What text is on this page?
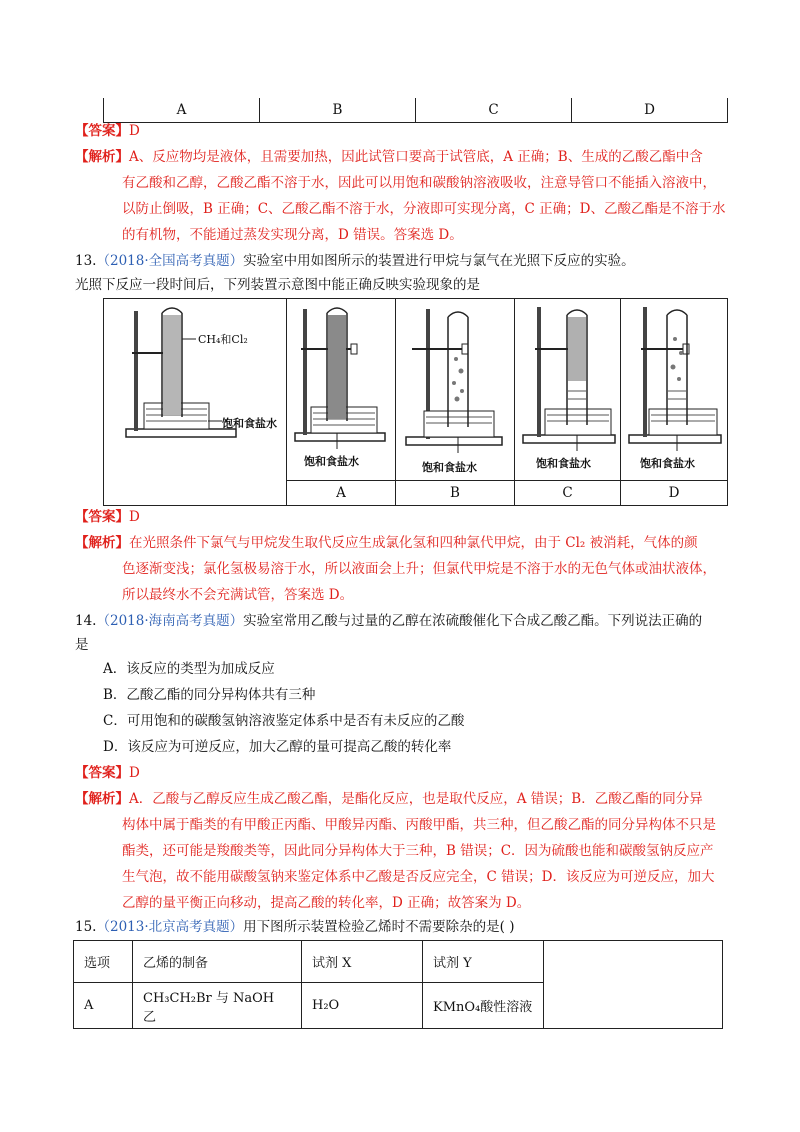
A	B	C	D
【答案】D
【解析】A、反应物均是液体，且需要加热，因此试管口要高于试管底，A 正确；B、生成的乙酸乙酯中含
有乙酸和乙醇，乙酸乙酯不溶于水，因此可以用饱和碳酸钠溶液吸收，注意导管口不能插入溶液中，
以防止倒吸，B 正确；C、乙酸乙酯不溶于水，分液即可实现分离，C 正确；D、乙酸乙酯是不溶于水
的有机物，不能通过蒸发实现分离，D 错误。答案选 D。
13.（2018·全国高考真题）实验室中用如图所示的装置进行甲烷与氯气在光照下反应的实验。
光照下反应一段时间后，下列装置示意图中能正确反映实验现象的是
CH₄和Cl₂
饱和食盐水
饱和食盐水	饱和食盐水	饱和食盐水	饱和食盐水
A	B	C	D
【答案】D
【解析】在光照条件下氯气与甲烷发生取代反应生成氯化氢和四种氯代甲烷，由于 Cl₂ 被消耗，气体的颜
色逐渐变浅；氯化氢极易溶于水，所以液面会上升；但氯代甲烷是不溶于水的无色气体或油状液体，
所以最终水不会充满试管，答案选 D。
14.（2018·海南高考真题）实验室常用乙酸与过量的乙醇在浓硫酸催化下合成乙酸乙酯。下列说法正确的
是
A．该反应的类型为加成反应
B．乙酸乙酯的同分异构体共有三种
C．可用饱和的碳酸氢钠溶液鉴定体系中是否有未反应的乙酸
D．该反应为可逆反应，加大乙醇的量可提高乙酸的转化率
【答案】D
【解析】A．乙酸与乙醇反应生成乙酸乙酯，是酯化反应，也是取代反应，A 错误；B．乙酸乙酯的同分异
构体中属于酯类的有甲酸正丙酯、甲酸异丙酯、丙酸甲酯，共三种，但乙酸乙酯的同分异构体不只是
酯类，还可能是羧酸类等，因此同分异构体大于三种，B 错误；C．因为硫酸也能和碳酸氢钠反应产
生气泡，故不能用碳酸氢钠来鉴定体系中乙酸是否反应完全，C 错误；D．该反应为可逆反应，加大
乙醇的量平衡正向移动，提高乙酸的转化率，D 正确；故答案为 D。
15.（2013·北京高考真题）用下图所示装置检验乙烯时不需要除杂的是( )
选项	乙烯的制备	试剂 X	试剂 Y	
A	CH₃CH₂Br 与 NaOH 乙	H₂O	KMnO₄酸性溶液	
